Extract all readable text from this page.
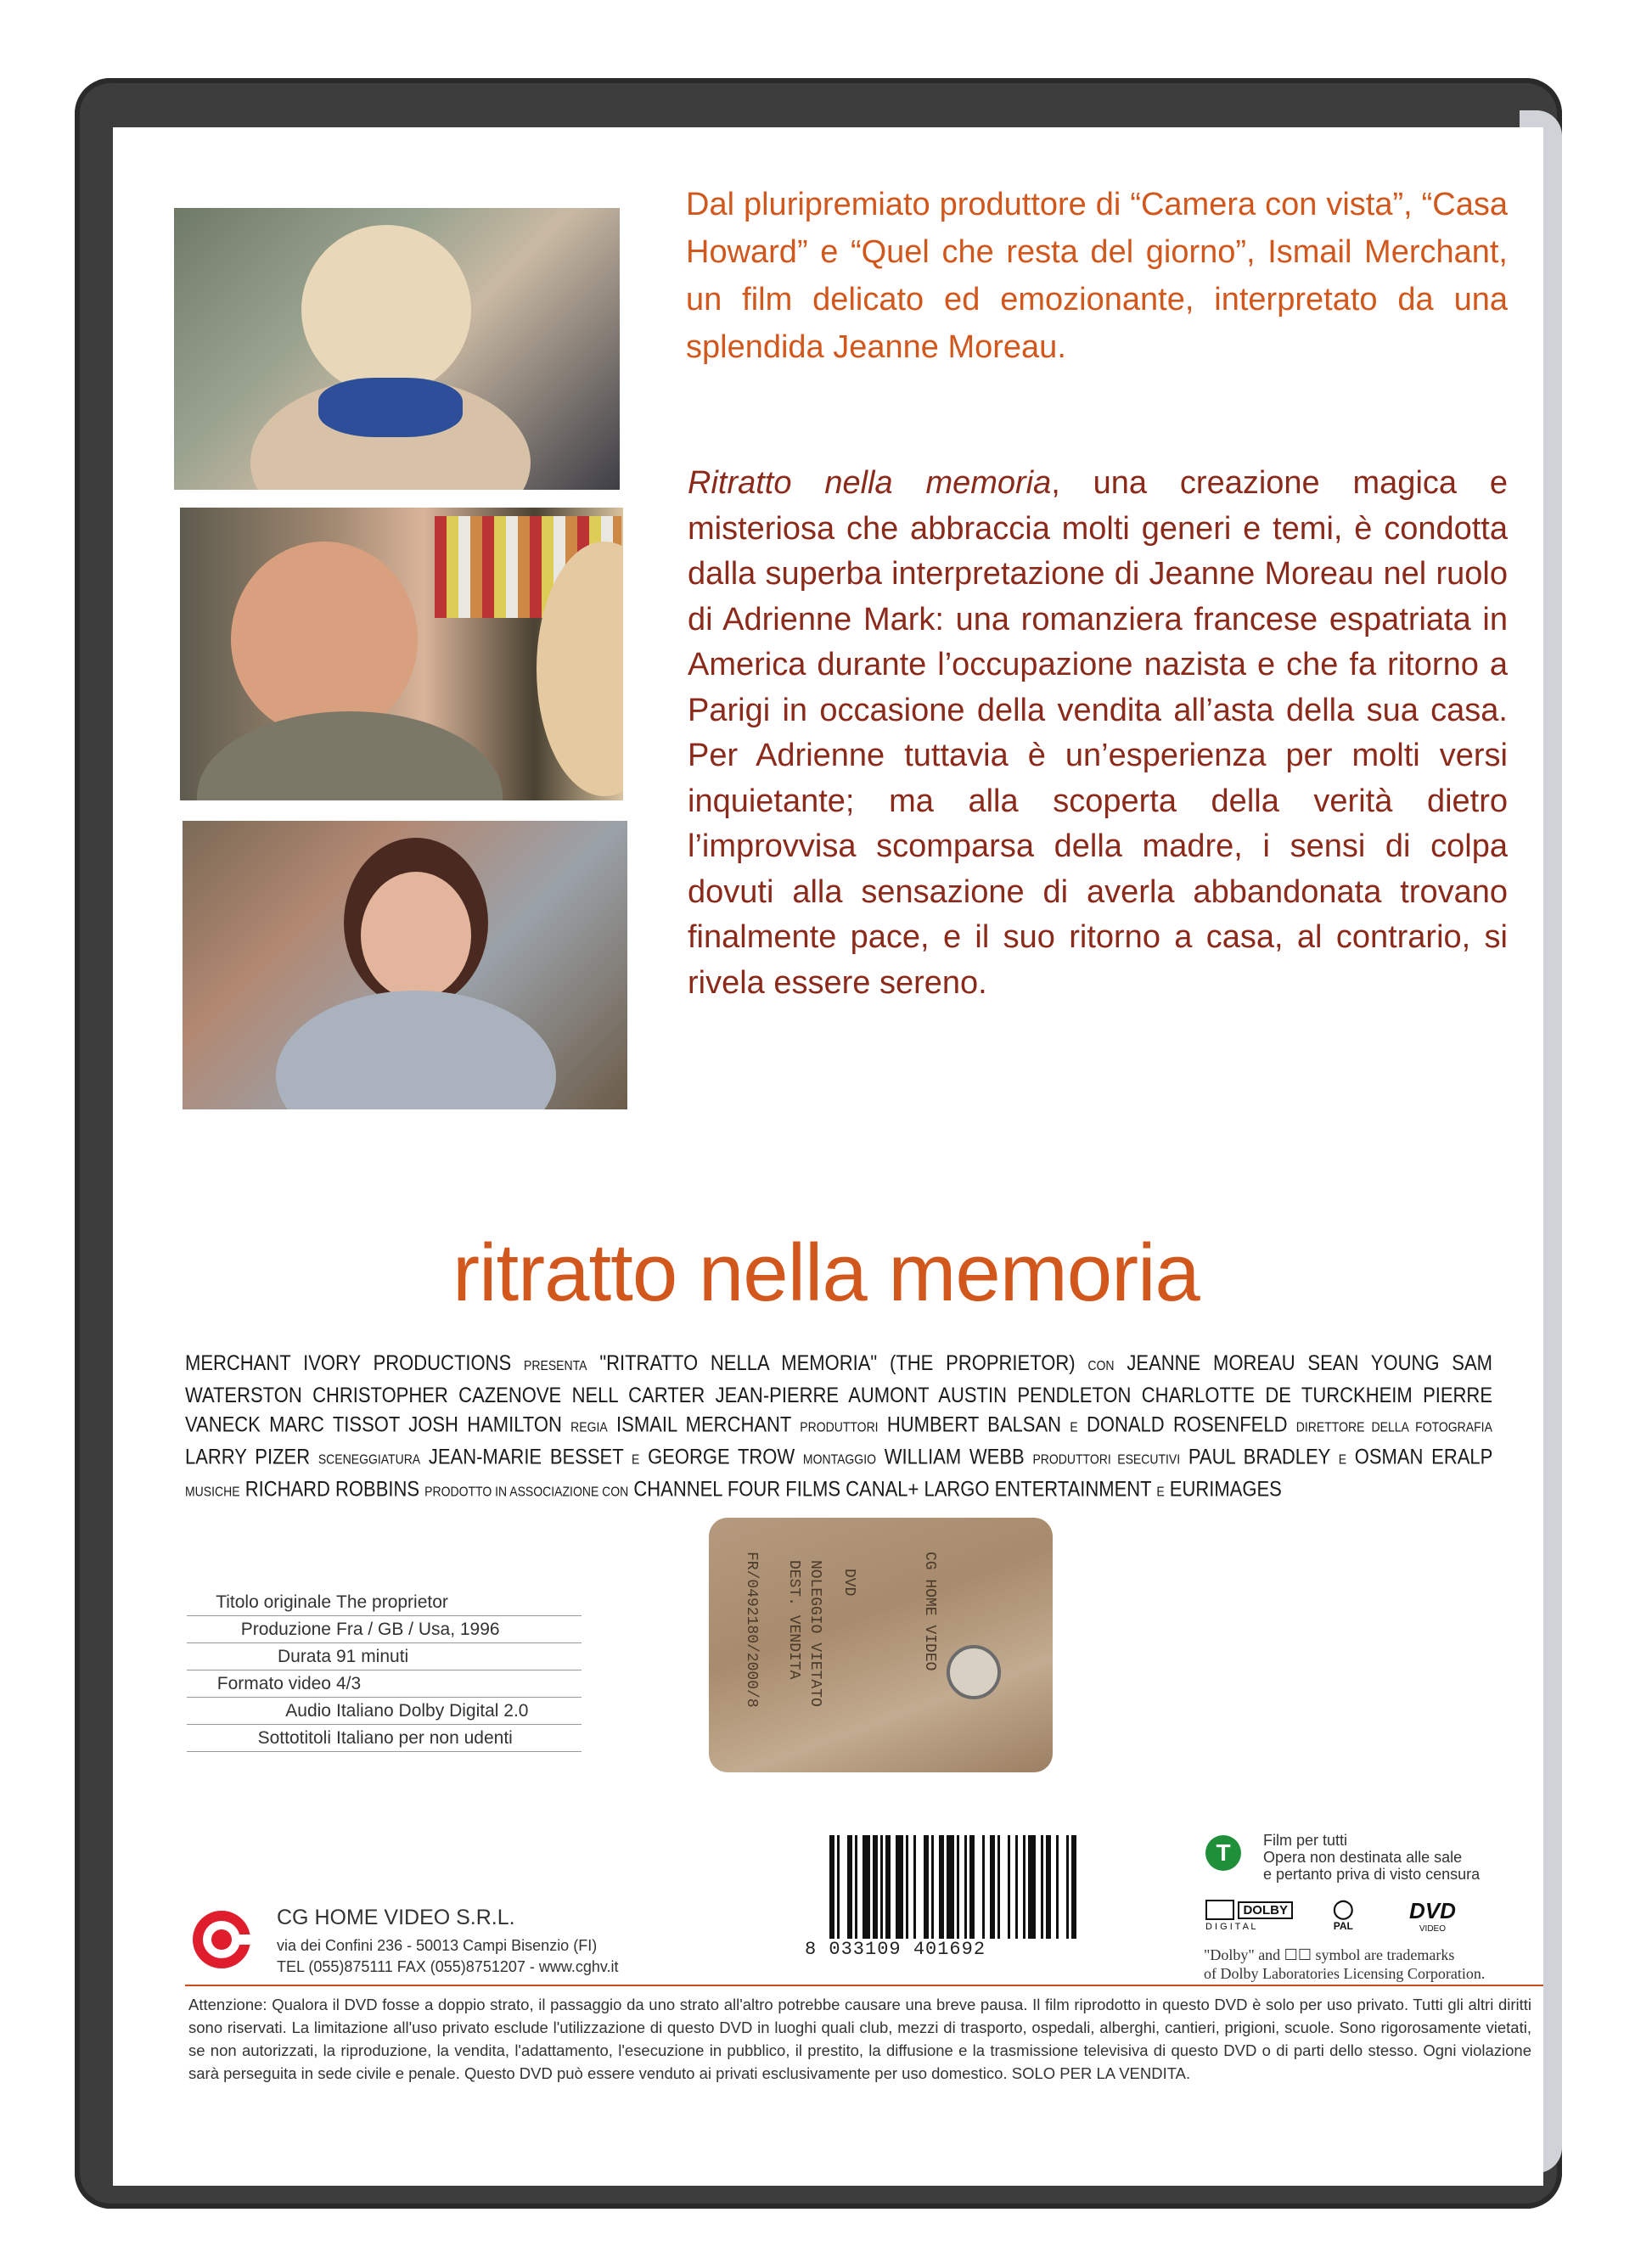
Dal pluripremiato produttore di “Camera con vista”, “Casa Howard” e “Quel che resta del giorno”, Ismail Merchant, un film delicato ed emozionante, interpretato da una splendida Jeanne Moreau.
Ritratto nella memoria, una creazione magica e misteriosa che abbraccia molti generi e temi, è condotta dalla superba interpretazione di Jeanne Moreau nel ruolo di Adrienne Mark: una romanziera francese espatriata in America durante l’occupazione nazista e che fa ritorno a Parigi in occasione della vendita all’asta della sua casa. Per Adrienne tuttavia è un’esperienza per molti versi inquietante; ma alla scoperta della verità dietro l’improvvisa scomparsa della madre, i sensi di colpa dovuti alla sensazione di averla abbandonata trovano finalmente pace, e il suo ritorno a casa, al contrario, si rivela essere sereno.
ritratto nella memoria
MERCHANT IVORY PRODUCTIONS PRESENTA "RITRATTO NELLA MEMORIA" (THE PROPRIETOR) CON JEANNE MOREAU SEAN YOUNG SAM WATERSTON CHRISTOPHER CAZENOVE NELL CARTER JEAN-PIERRE AUMONT AUSTIN PENDLETON CHARLOTTE DE TURCKHEIM PIERRE VANECK MARC TISSOT JOSH HAMILTON REGIA ISMAIL MERCHANT PRODUTTORI HUMBERT BALSAN E DONALD ROSENFELD DIRETTORE DELLA FOTOGRAFIA LARRY PIZER SCENEGGIATURA JEAN-MARIE BESSET E GEORGE TROW MONTAGGIO WILLIAM WEBB PRODUTTORI ESECUTIVI PAUL BRADLEY E OSMAN ERALP MUSICHE RICHARD ROBBINS PRODOTTO IN ASSOCIAZIONE CON CHANNEL FOUR FILMS CANAL+ LARGO ENTERTAINMENT E EURIMAGES
FR/0492180/2000/8 DEST. VENDITA NOLEGGIO VIETATO DVD	CG HOME VIDEO
Titolo originale The proprietor
Produzione Fra / GB / Usa, 1996
Durata 91 minuti
Formato video 4/3
Audio Italiano Dolby Digital 2.0
Sottotitoli Italiano per non udenti
CG HOME VIDEO S.R.L.
via dei Confini 236 - 50013 Campi Bisenzio (FI)
TEL (055)875111 FAX (055)8751207 - www.cghv.it
8 033109 401692
T	Film per tutti
Opera non destinata alle sale
e pertanto priva di visto censura
DOLBY
D I G I T A L
◯
PAL
DVD
VIDEO
"Dolby" and ☐☐ symbol are trademarks
of Dolby Laboratories Licensing Corporation.
Attenzione: Qualora il DVD fosse a doppio strato, il passaggio da uno strato all'altro potrebbe causare una breve pausa. Il film riprodotto in questo DVD è solo per uso privato. Tutti gli altri diritti sono riservati. La limitazione all'uso privato esclude l'utilizzazione di questo DVD in luoghi quali club, mezzi di trasporto, ospedali, alberghi, cantieri, prigioni, scuole. Sono rigorosamente vietati, se non autorizzati, la riproduzione, la vendita, l'adattamento, l'esecuzione in pubblico, il prestito, la diffusione e la trasmissione televisiva di questo DVD o di parti dello stesso. Ogni violazione sarà perseguita in sede civile e penale. Questo DVD può essere venduto ai privati esclusivamente per uso domestico. SOLO PER LA VENDITA.
